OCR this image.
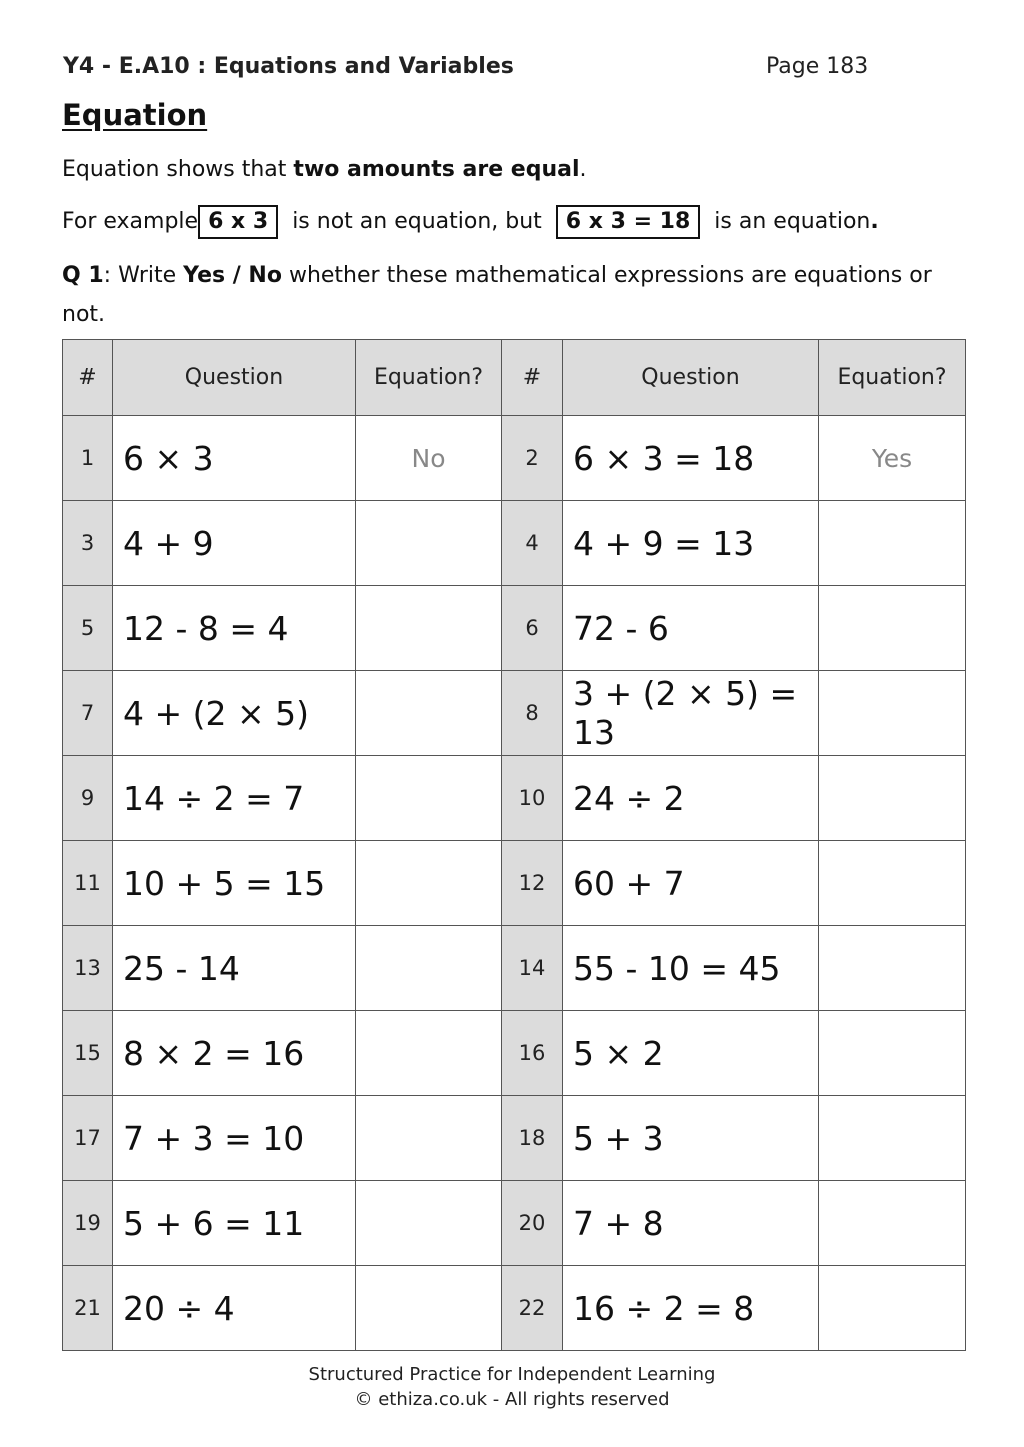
Y4 - E.A10 : Equations and Variables	Page 183
Equation
Equation shows that two amounts are equal.
For example 6 x 3 is not an equation, but 6 x 3 = 18 is an equation.
Q 1: Write Yes / No whether these mathematical expressions are equations or not.
#	Question	Equation?	#	Question	Equation?
1	6 × 3	No	2	6 × 3 = 18	Yes
3	4 + 9		4	4 + 9 = 13	
5	12 - 8 = 4		6	72 - 6	
7	4 + (2 × 5)		8	3 + (2 × 5) = 13	
9	14 ÷ 2 = 7		10	24 ÷ 2	
11	10 + 5 = 15		12	60 + 7	
13	25 - 14		14	55 - 10 = 45	
15	8 × 2 = 16		16	5 × 2	
17	7 + 3 = 10		18	5 + 3	
19	5 + 6 = 11		20	7 + 8	
21	20 ÷ 4		22	16 ÷ 2 = 8	
Structured Practice for Independent Learning
© ethiza.co.uk - All rights reserved
